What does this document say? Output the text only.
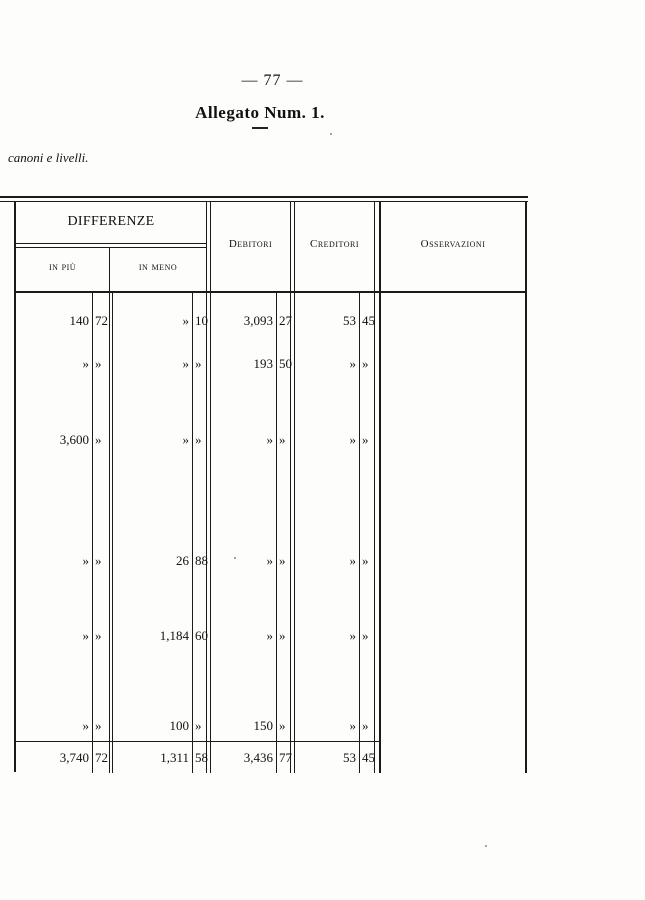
— 77 —
Allegato Num. 1.
canoni e livelli.
DIFFERENZE
in più	in meno
Debitori	Creditori	Osservazioni
140 72	» 10	3,093 27	53 45
» »	» »	193 50	» »
3,600 »	» »	» »	» »
» »	26 88	» »	» »
» »	1,184 60	» »	» »
» »	100 »	150 »	» »
3,740 72	1,311 58	3,436 77	53 45
